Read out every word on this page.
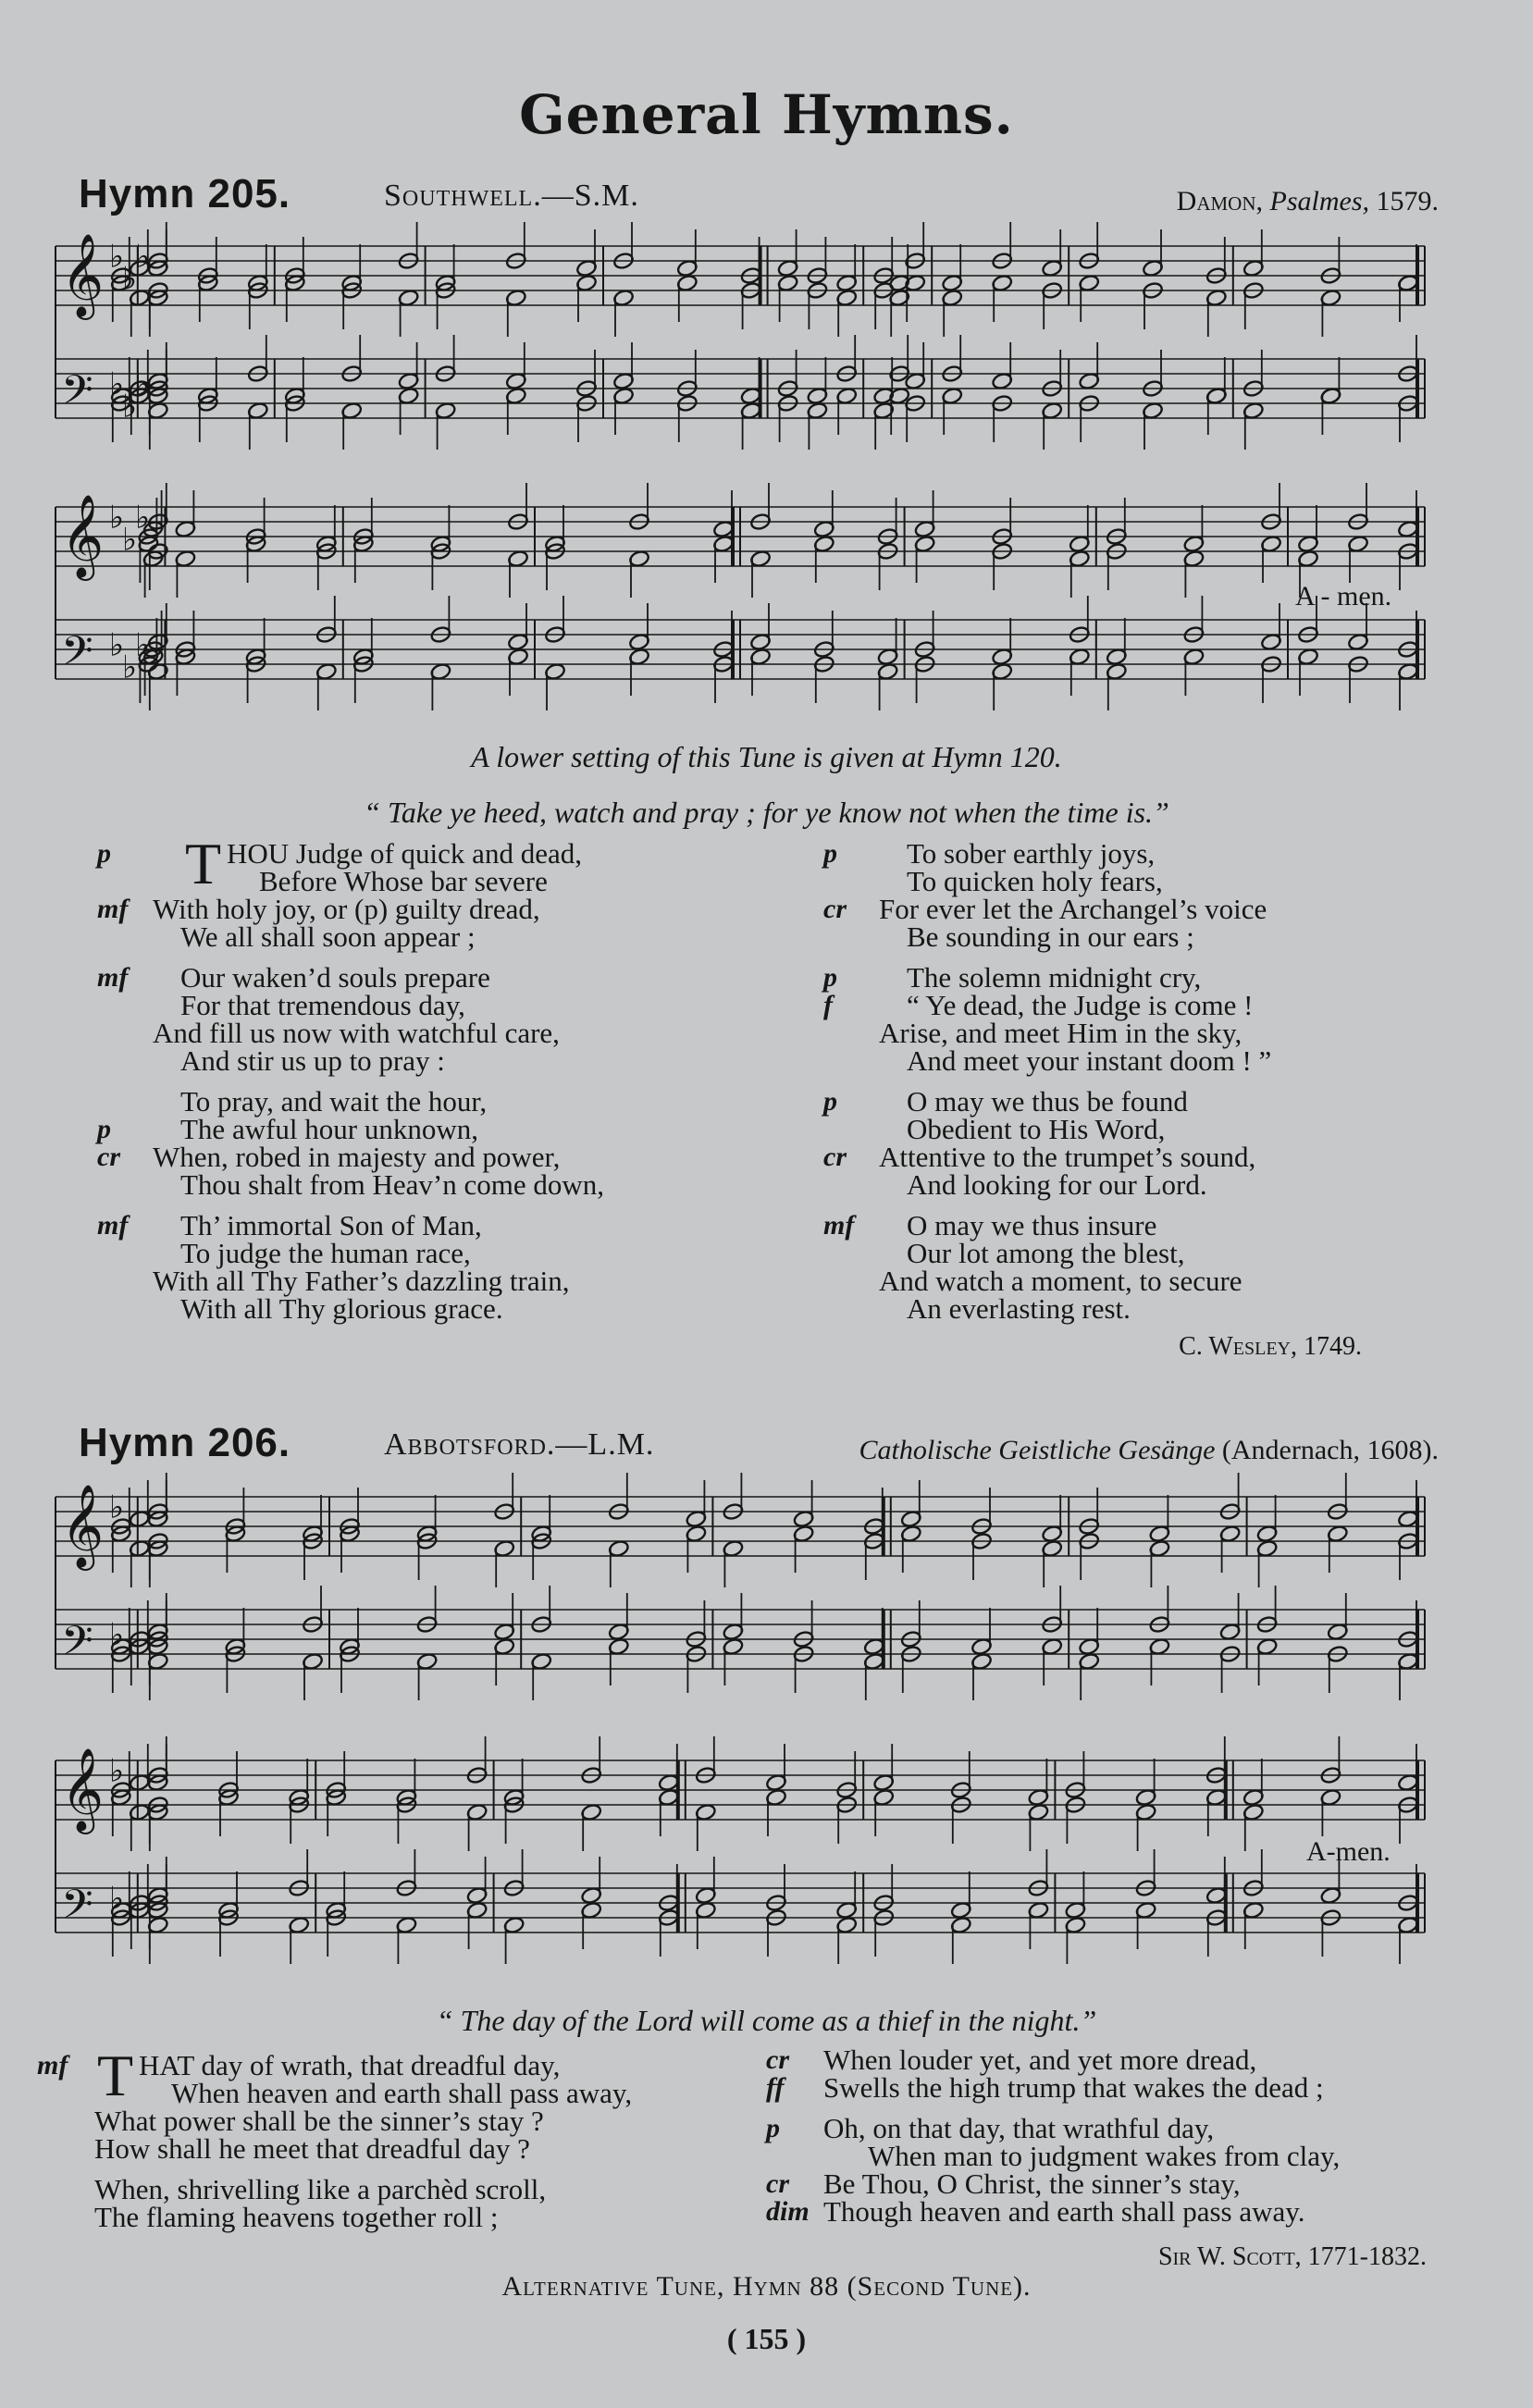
General Hymns.
Hymn 205.	Southwell.—S.M.	Damon, Psalmes, 1579.
𝄞 ♭
♭
♭
𝄢 ♭
♭
♭
𝄞 ♭
♭
♭
𝄢 ♭
♭
♭
A - men.
A lower setting of this Tune is given at Hymn 120.
“ Take ye heed, watch and pray ; for ye know not when the time is.”
T
p	HOU Judge of quick and dead,
Before Whose bar severe
mf With holy joy, or (p) guilty dread,
We all shall soon appear ;
mf Our waken’d souls prepare
For that tremendous day,
And fill us now with watchful care,
And stir us up to pray :
To pray, and wait the hour,
p The awful hour unknown,
cr When, robed in majesty and power,
Thou shalt from Heav’n come down,
mf Th’ immortal Son of Man,
To judge the human race,
With all Thy Father’s dazzling train,
With all Thy glorious grace.
p To sober earthly joys,
To quicken holy fears,
cr For ever let the Archangel’s voice
Be sounding in our ears ;
p The solemn midnight cry,
f	“ Ye dead, the Judge is come !
Arise, and meet Him in the sky,
And meet your instant doom ! ”
p O may we thus be found
Obedient to His Word,
cr Attentive to the trumpet’s sound,
And looking for our Lord.
mf O may we thus insure
Our lot among the blest,
And watch a moment, to secure
An everlasting rest.
C. Wesley, 1749.
Hymn 206.	Abbotsford.—L.M.	Catholische Geistliche Gesänge (Andernach, 1608).
𝄞 ♭
𝄢 ♭
𝄞 ♭
𝄢 ♭
A-men.
“ The day of the Lord will come as a thief in the night.”
T
mf HAT day of wrath, that dreadful day,
When heaven and earth shall pass away,
What power shall be the sinner’s stay ?
How shall he meet that dreadful day ?
When, shrivelling like a parchèd scroll,
The flaming heavens together roll ;
cr When louder yet, and yet more dread,
ff Swells the high trump that wakes the dead ;
p Oh, on that day, that wrathful day,
When man to judgment wakes from clay,
cr Be Thou, O Christ, the sinner’s stay,
dim Though heaven and earth shall pass away.
Sir W. Scott, 1771-1832.
Alternative Tune, Hymn 88 (Second Tune).
( 155 )
